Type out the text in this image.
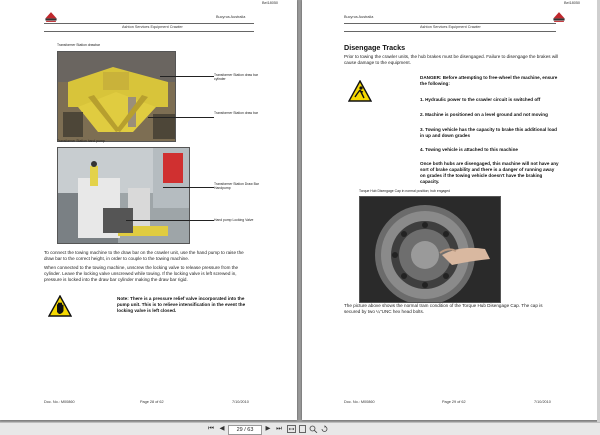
Bel18050
Bucyrus Australia
Ashton Services Equipment Crawler
Transformer Station drawbar
Transformer Station draw bar cylinder
Transformer Station draw bar
Transformer Station hand pump
Transformer Station Draw Bar Handpump
Hand pump Locking Valve
To connect the towing machine to the draw bar on the crawler unit, use the hand pump to raise the draw bar to the correct height, in order to couple to the towing machine.
When connected to the towing machine, unscrew the locking valve to release pressure from the cylinder. Leave the locking valve unscrewed while towing. If the locking valve is left screwed in, pressure is locked into the draw bar cylinder making the draw bar rigid.
Note: There is a pressure relief valve incorporated into the pump unit. This is to relieve intensification in the event the locking valve is left closed.
Doc. No.: M00860	Page 28 of 62	7/10/2010
Bel18050
Bucyrus Australia
Ashton Services Equipment Crawler
Disengage Tracks
Prior to towing the crawler units, the hub brakes must be disengaged. Failure to disengage the brakes will cause damage to the equipment.
DANGER: Before attempting to free-wheel the machine, ensure the following:
1. Hydraulic power to the crawler circuit is switched off
2. Machine is positioned on a level ground and not moving
3. Towing vehicle has the capacity to brake this additional load in up and down grades
4. Towing vehicle is attached to this machine
Once both hubs are disengaged, this machine will not have any sort of brake capability and there is a danger of running away on grades if the towing vehicle doesn't have the braking capacity.
Torque Hub Disengage Cap in normal position; hub engaged
The picture above shows the normal tram condition of the Torque Hub Disengage Cap. The cap is secured by two ¼"UNC hex head bolts.
Doc. No.: M00860	Page 29 of 62	7/10/2010
⏮ ◀	29 / 63	▶ ⏭
